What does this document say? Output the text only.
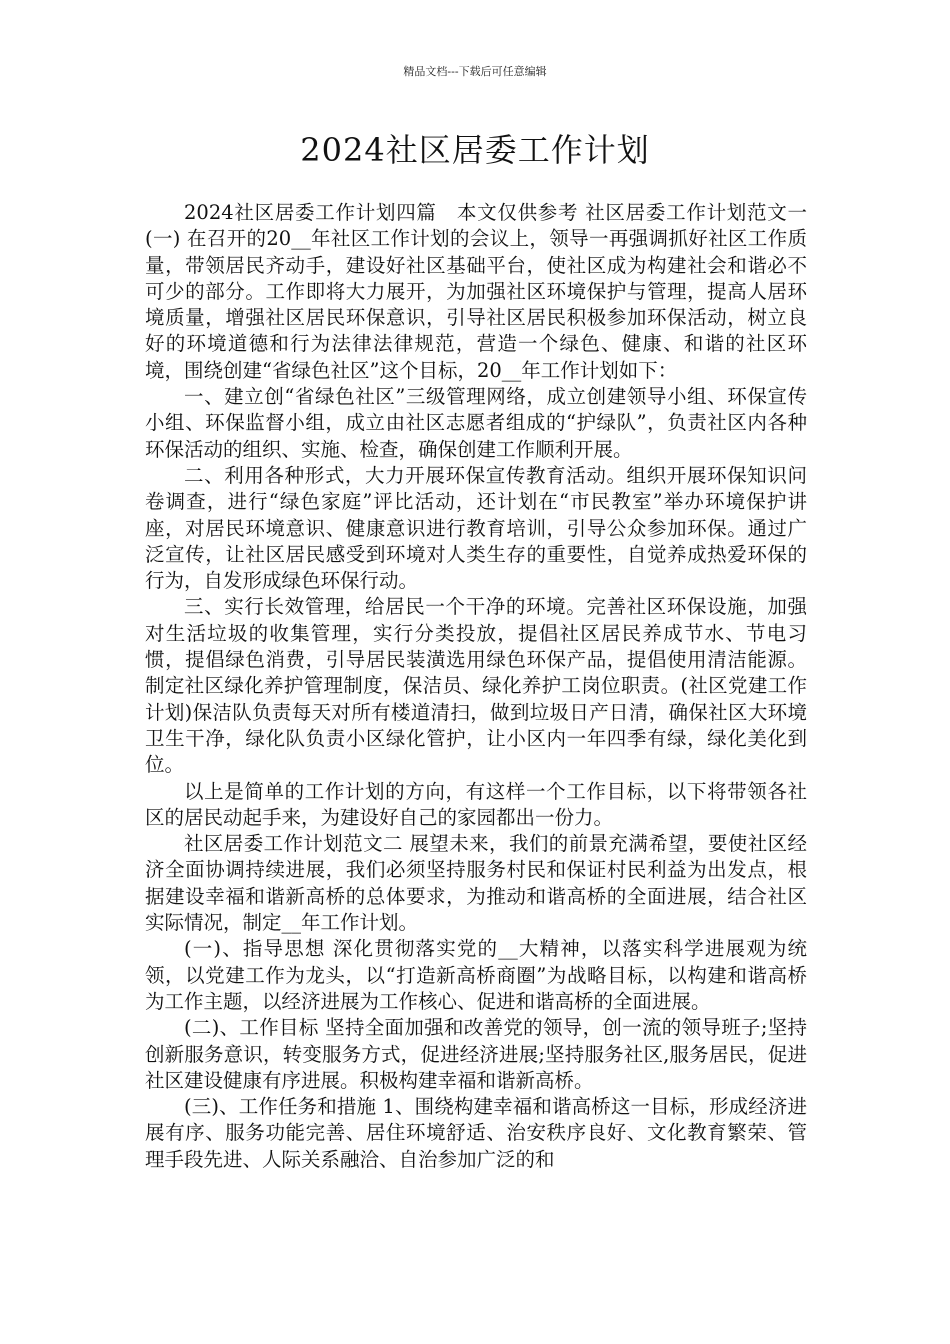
精品文档---下载后可任意编辑
2024社区居委工作计划

2024社区居委工作计划四篇　本文仅供参考 社区居委工作计划范文一 (一) 在召开的20__年社区工作计划的会议上，领导一再强调抓好社区工作质量，带领居民齐动手，建设好社区基础平台，使社区成为构建社会和谐必不可少的部分。工作即将大力展开，为加强社区环境保护与管理，提高人居环境质量，增强社区居民环保意识，引导社区居民积极参加环保活动，树立良好的环境道德和行为法律法律规范，营造一个绿色、健康、和谐的社区环境，围绕创建“省绿色社区”这个目标，20__年工作计划如下：

一、建立创“省绿色社区”三级管理网络，成立创建领导小组、环保宣传小组、环保监督小组，成立由社区志愿者组成的“护绿队”，负责社区内各种环保活动的组织、实施、检查，确保创建工作顺利开展。

二、利用各种形式，大力开展环保宣传教育活动。组织开展环保知识问卷调查，进行“绿色家庭”评比活动，还计划在“市民教室”举办环境保护讲座，对居民环境意识、健康意识进行教育培训，引导公众参加环保。通过广泛宣传，让社区居民感受到环境对人类生存的重要性，自觉养成热爱环保的行为，自发形成绿色环保行动。

三、实行长效管理，给居民一个干净的环境。完善社区环保设施，加强对生活垃圾的收集管理，实行分类投放，提倡社区居民养成节水、节电习惯，提倡绿色消费，引导居民装潢选用绿色环保产品，提倡使用清洁能源。制定社区绿化养护管理制度，保洁员、绿化养护工岗位职责。(社区党建工作计划)保洁队负责每天对所有楼道清扫，做到垃圾日产日清，确保社区大环境卫生干净，绿化队负责小区绿化管护，让小区内一年四季有绿，绿化美化到位。

以上是简单的工作计划的方向，有这样一个工作目标，以下将带领各社区的居民动起手来，为建设好自己的家园都出一份力。

社区居委工作计划范文二 展望未来，我们的前景充满希望，要使社区经济全面协调持续进展，我们必须坚持服务村民和保证村民利益为出发点，根据建设幸福和谐新高桥的总体要求，为推动和谐高桥的全面进展，结合社区实际情况，制定__年工作计划。

(一)、指导思想 深化贯彻落实党的__大精神，以落实科学进展观为统领，以党建工作为龙头，以“打造新高桥商圈”为战略目标，以构建和谐高桥为工作主题，以经济进展为工作核心、促进和谐高桥的全面进展。

(二)、工作目标 坚持全面加强和改善党的领导，创一流的领导班子;坚持创新服务意识，转变服务方式，促进经济进展;坚持服务社区,服务居民，促进社区建设健康有序进展。积极构建幸福和谐新高桥。

(三)、工作任务和措施 1、围绕构建幸福和谐高桥这一目标，形成经济进展有序、服务功能完善、居住环境舒适、治安秩序良好、文化教育繁荣、管理手段先进、人际关系融洽、自治参加广泛的和
